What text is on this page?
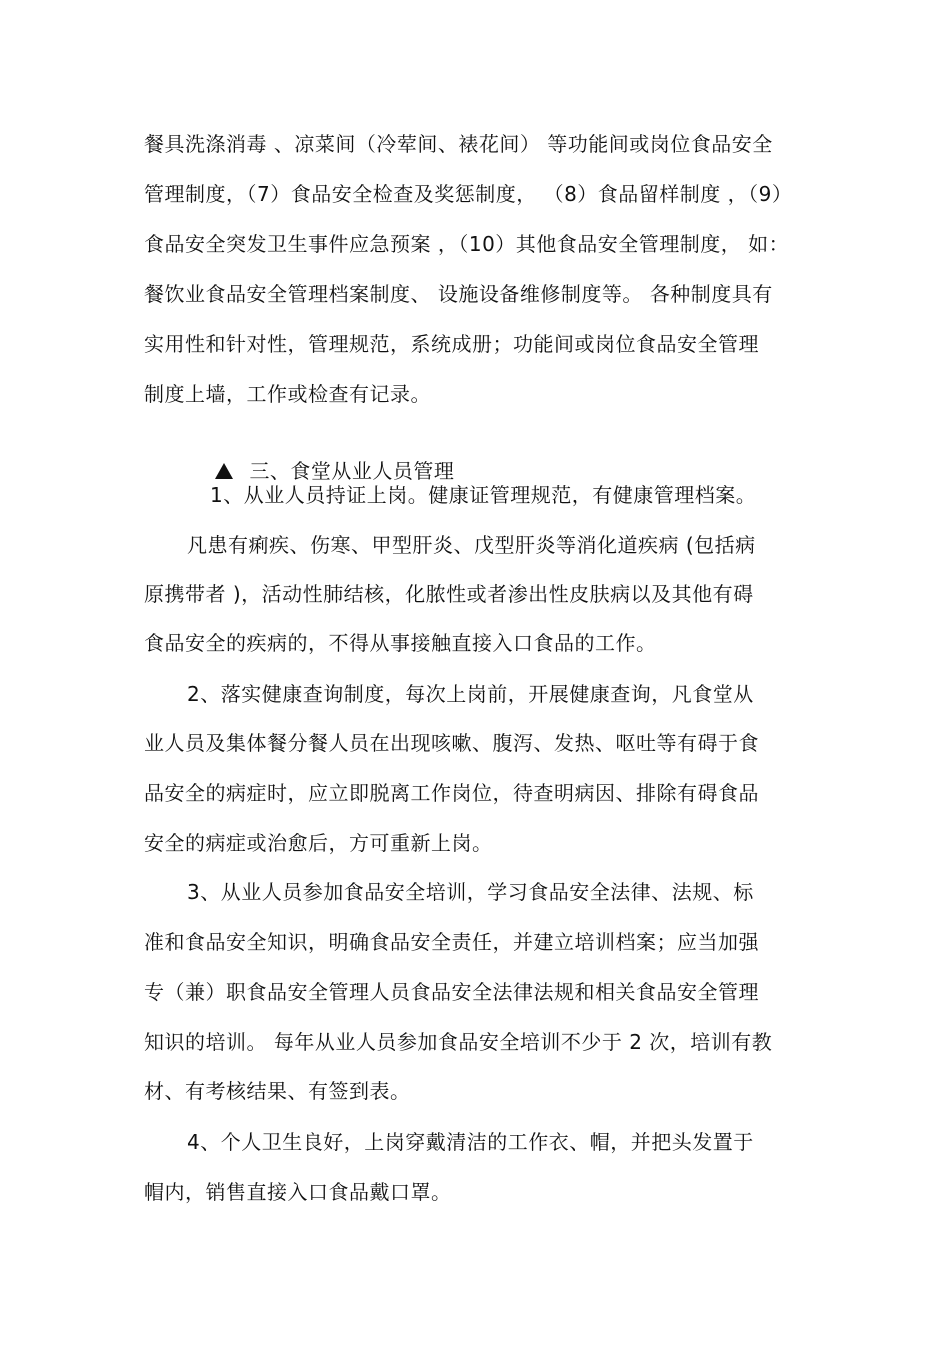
餐具洗涤消毒 、凉菜间（冷荤间、裱花间） 等功能间或岗位食品安全
管理制度，（7）食品安全检查及奖惩制度， （8）食品留样制度 ，（9）
食品安全突发卫生事件应急预案 ，（10）其他食品安全管理制度， 如：
餐饮业食品安全管理档案制度、 设施设备维修制度等。 各种制度具有
实用性和针对性，管理规范，系统成册；功能间或岗位食品安全管理
制度上墙，工作或检查有记录。

三、食堂从业人员管理

1、从业人员持证上岗。健康证管理规范，有健康管理档案。
凡患有痢疾、伤寒、甲型肝炎、戊型肝炎等消化道疾病 (包括病
原携带者 )，活动性肺结核，化脓性或者渗出性皮肤病以及其他有碍
食品安全的疾病的，不得从事接触直接入口食品的工作。
2、落实健康查询制度，每次上岗前，开展健康查询，凡食堂从
业人员及集体餐分餐人员在出现咳嗽、腹泻、发热、呕吐等有碍于食
品安全的病症时，应立即脱离工作岗位，待查明病因、排除有碍食品
安全的病症或治愈后，方可重新上岗。
3、从业人员参加食品安全培训，学习食品安全法律、法规、标
准和食品安全知识，明确食品安全责任，并建立培训档案；应当加强
专（兼）职食品安全管理人员食品安全法律法规和相关食品安全管理
知识的培训。 每年从业人员参加食品安全培训不少于 2 次，培训有教
材、有考核结果、有签到表。
4、个人卫生良好，上岗穿戴清洁的工作衣、帽，并把头发置于
帽内，销售直接入口食品戴口罩。
